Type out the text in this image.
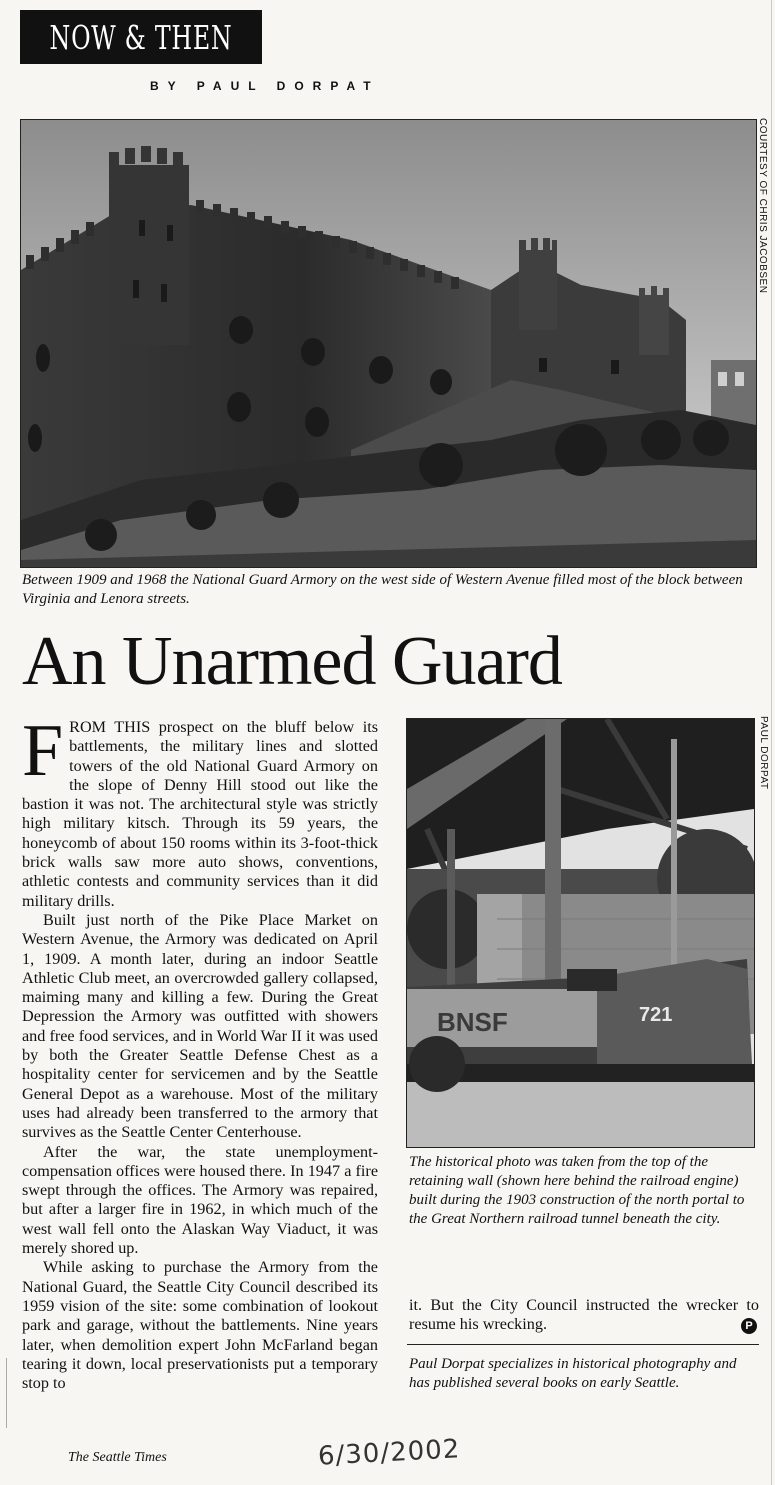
NOW & THEN
BY PAUL DORPAT
COURTESY OF CHRIS JACOBSEN
Between 1909 and 1968 the National Guard Armory on the west side of Western Avenue filled most of the block between Virginia and Lenora streets.
An Unarmed Guard

FROM THIS prospect on the bluff below its battlements, the military lines and slotted towers of the old National Guard Armory on the slope of Denny Hill stood out like the bastion it was not. The architectural style was strictly high military kitsch. Through its 59 years, the honeycomb of about 150 rooms within its 3-foot-thick brick walls saw more auto shows, conventions, athletic contests and community services than it did military drills.

Built just north of the Pike Place Market on Western Avenue, the Armory was dedicated on April 1, 1909. A month later, during an indoor Seattle Athletic Club meet, an overcrowded gallery collapsed, maiming many and killing a few. During the Great Depression the Armory was outfitted with showers and free food services, and in World War II it was used by both the Greater Seattle Defense Chest as a hospitality center for servicemen and by the Seattle General Depot as a warehouse. Most of the military uses had already been transferred to the armory that survives as the Seattle Center Centerhouse.

After the war, the state unemployment-compensation offices were housed there. In 1947 a fire swept through the offices. The Armory was repaired, but after a larger fire in 1962, in which much of the west wall fell onto the Alaskan Way Viaduct, it was merely shored up.

While asking to purchase the Armory from the National Guard, the Seattle City Council described its 1959 vision of the site: some combination of lookout park and garage, without the battlements. Nine years later, when demolition expert John McFarland began tearing it down, local preservationists put a temporary stop to

BNSF	721
PAUL DORPAT
The historical photo was taken from the top of the retaining wall (shown here behind the railroad engine) built during the 1903 construction of the north portal to the Great Northern railroad tunnel beneath the city.

it. But the City Council instructed the wrecker to resume his wrecking.	P
Paul Dorpat specializes in historical photography and has published several books on early Seattle.
The Seattle Times	6/30/2002
